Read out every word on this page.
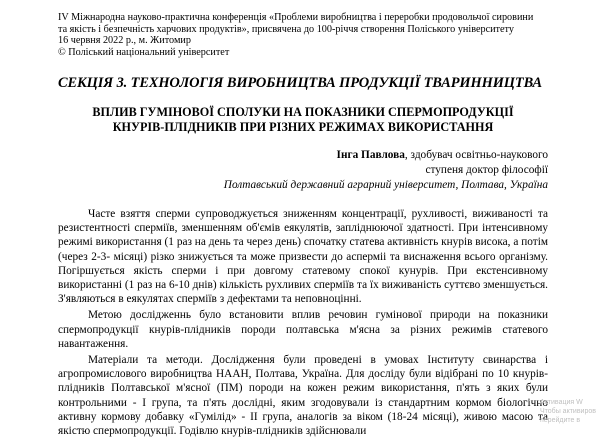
IV Міжнародна науково-практична конференція «Проблеми виробництва і переробки продовольчої сировини
та якість і безпечність харчових продуктів», присвячена до 100-річчя створення Поліського університету
16 червня 2022 р., м. Житомир
© Поліський національний університет
СЕКЦІЯ 3. ТЕХНОЛОГІЯ ВИРОБНИЦТВА ПРОДУКЦІЇ ТВАРИННИЦТВА
ВПЛИВ ГУМІНОВОЇ СПОЛУКИ НА ПОКАЗНИКИ СПЕРМОПРОДУКЦІЇ
КНУРІВ-ПЛІДНИКІВ ПРИ РІЗНИХ РЕЖИМАХ ВИКОРИСТАННЯ
Інга Павлова, здобувач освітньо-наукового
ступеня доктор філософії
Полтавський державний аграрний університет, Полтава, Україна

Часте взяття сперми супроводжується зниженням концентрації, рухливості, виживаності та резистентності сперміїв, зменшенням об'ємів еякулятів, запліднюючої здатності. При інтенсивному режимі використання (1 раз на день та через день) спочатку статева активність кнурів висока, а потім (через 2-3- місяці) різко знижується та може призвести до асперміі та виснаження всього організму. Погіршується якість сперми і при довгому статевому спокої кунурів. При екстенсивному використанні (1 раз на 6-10 днів) кількість рухливих сперміїв та їх виживаність суттєво зменшується. З'являються в еякулятах сперміїв з дефектами та неповноцінні.

Метою дослідженнь було встановити вплив речовин гумінової природи на показники спермопродукції кнурів-плідників породи полтавська м'ясна за різних режимів статевого навантаження.

Матеріали та методи. Дослідження були проведені в умовах Інституту свинарства і агропромислового виробництва НААН, Полтава, Україна. Для досліду були відібрані по 10 кнурів-плідників Полтавської м'ясної (ПМ) породи на кожен режим використання, п'ять з яких були контрольними - І група, та п'ять дослідні, яким згодовували із стандартним кормом біологічно активну кормову добавку «Гумілід» - ІІ група, аналогів за віком (18-24 місяці), живою масою та якістю спермопродукції. Годівлю кнурів-плідників здійснювали

Активация W
Чтобы активиров
перейдите в
